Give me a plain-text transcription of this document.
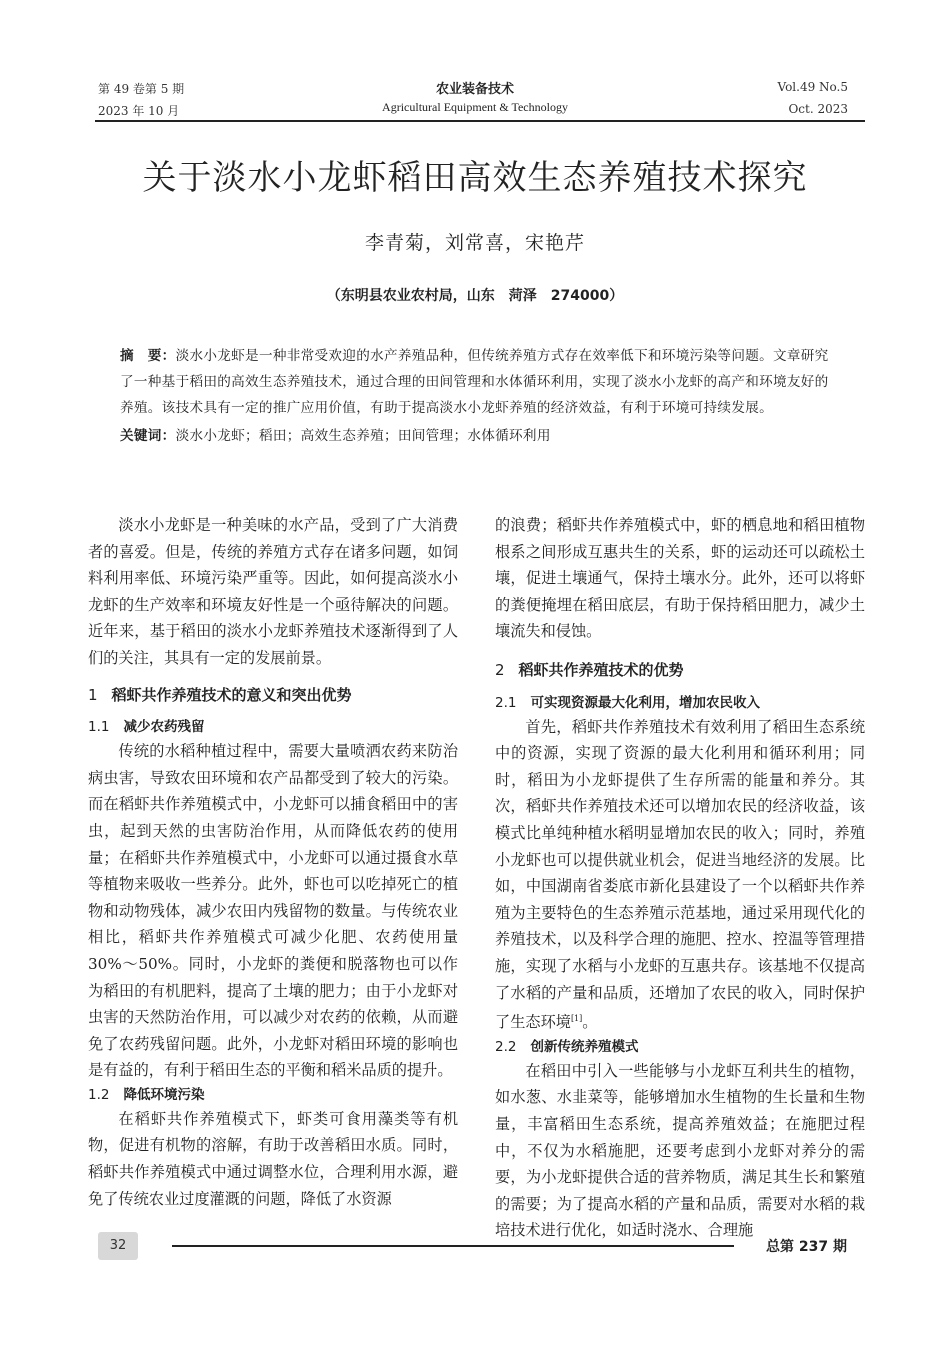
第 49 卷第 5 期
2023 年 10 月
农业装备技术
Agricultural Equipment & Technology
Vol.49 No.5
Oct. 2023
关于淡水小龙虾稻田高效生态养殖技术探究
李青菊，刘常喜，宋艳芹
（东明县农业农村局，山东　菏泽　274000）
摘　要：淡水小龙虾是一种非常受欢迎的水产养殖品种，但传统养殖方式存在效率低下和环境污染等问题。文章研究了一种基于稻田的高效生态养殖技术，通过合理的田间管理和水体循环利用，实现了淡水小龙虾的高产和环境友好的养殖。该技术具有一定的推广应用价值，有助于提高淡水小龙虾养殖的经济效益，有利于环境可持续发展。
关键词：淡水小龙虾；稻田；高效生态养殖；田间管理；水体循环利用

淡水小龙虾是一种美味的水产品，受到了广大消费者的喜爱。但是，传统的养殖方式存在诸多问题，如饲料利用率低、环境污染严重等。因此，如何提高淡水小龙虾的生产效率和环境友好性是一个亟待解决的问题。近年来，基于稻田的淡水小龙虾养殖技术逐渐得到了人们的关注，其具有一定的发展前景。

1 稻虾共作养殖技术的意义和突出优势
1.1 减少农药残留

传统的水稻种植过程中，需要大量喷洒农药来防治病虫害，导致农田环境和农产品都受到了较大的污染。而在稻虾共作养殖模式中，小龙虾可以捕食稻田中的害虫，起到天然的虫害防治作用，从而降低农药的使用量；在稻虾共作养殖模式中，小龙虾可以通过摄食水草等植物来吸收一些养分。此外，虾也可以吃掉死亡的植物和动物残体，减少农田内残留物的数量。与传统农业相比，稻虾共作养殖模式可减少化肥、农药使用量 30%～50%。同时，小龙虾的粪便和脱落物也可以作为稻田的有机肥料，提高了土壤的肥力；由于小龙虾对虫害的天然防治作用，可以减少对农药的依赖，从而避免了农药残留问题。此外，小龙虾对稻田环境的影响也是有益的，有利于稻田生态的平衡和稻米品质的提升。

1.2 降低环境污染

在稻虾共作养殖模式下，虾类可食用藻类等有机物，促进有机物的溶解，有助于改善稻田水质。同时，稻虾共作养殖模式中通过调整水位，合理利用水源，避免了传统农业过度灌溉的问题，降低了水资源

的浪费；稻虾共作养殖模式中，虾的栖息地和稻田植物根系之间形成互惠共生的关系，虾的运动还可以疏松土壤，促进土壤通气，保持土壤水分。此外，还可以将虾的粪便掩埋在稻田底层，有助于保持稻田肥力，减少土壤流失和侵蚀。

2 稻虾共作养殖技术的优势
2.1 可实现资源最大化利用，增加农民收入

首先，稻虾共作养殖技术有效利用了稻田生态系统中的资源，实现了资源的最大化利用和循环利用；同时，稻田为小龙虾提供了生存所需的能量和养分。其次，稻虾共作养殖技术还可以增加农民的经济收益，该模式比单纯种植水稻明显增加农民的收入；同时，养殖小龙虾也可以提供就业机会，促进当地经济的发展。比如，中国湖南省娄底市新化县建设了一个以稻虾共作养殖为主要特色的生态养殖示范基地，通过采用现代化的养殖技术，以及科学合理的施肥、控水、控温等管理措施，实现了水稻与小龙虾的互惠共存。该基地不仅提高了水稻的产量和品质，还增加了农民的收入，同时保护了生态环境[1]。

2.2 创新传统养殖模式

在稻田中引入一些能够与小龙虾互利共生的植物，如水葱、水韭菜等，能够增加水生植物的生长量和生物量，丰富稻田生态系统，提高养殖效益；在施肥过程中，不仅为水稻施肥，还要考虑到小龙虾对养分的需要，为小龙虾提供合适的营养物质，满足其生长和繁殖的需要；为了提高水稻的产量和品质，需要对水稻的栽培技术进行优化，如适时浇水、合理施

32	总第 237 期
